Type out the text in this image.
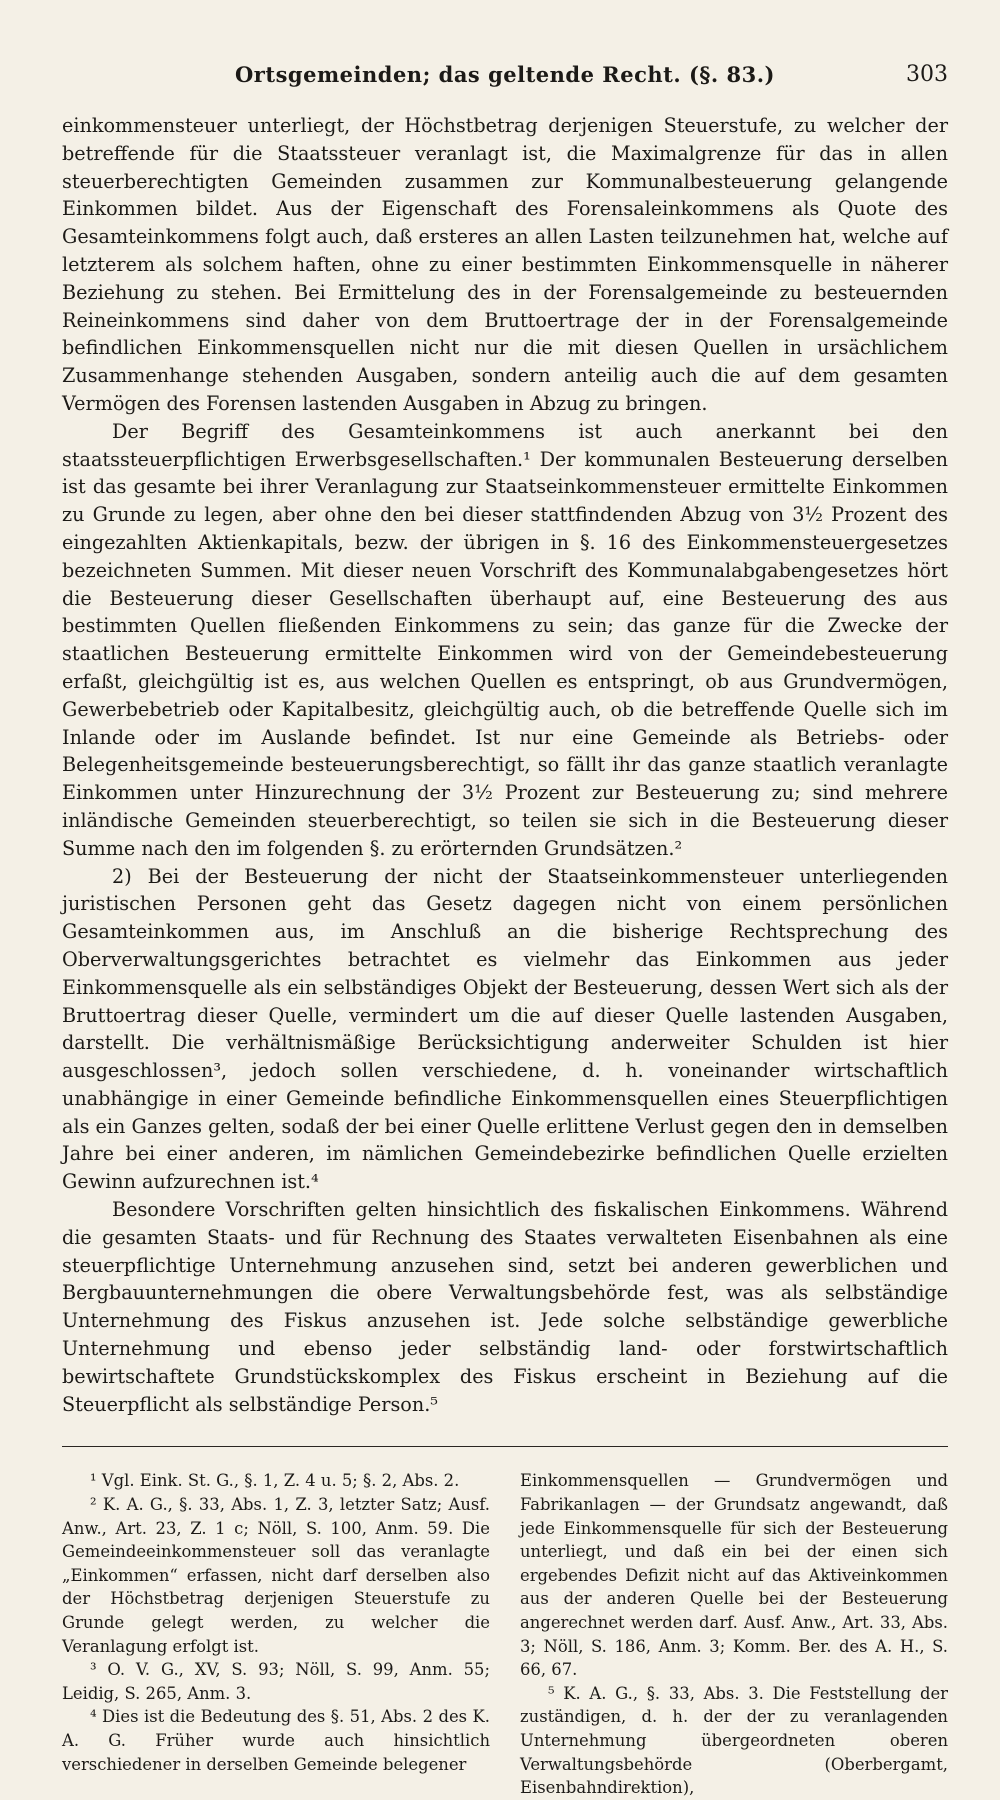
Ortsgemeinden; das geltende Recht. (§. 83.)	303

einkommensteuer unterliegt, der Höchstbetrag derjenigen Steuerstufe, zu welcher der betreffende für die Staatssteuer veranlagt ist, die Maximalgrenze für das in allen steuerberechtigten Gemeinden zusammen zur Kommunalbesteuerung gelangende Einkommen bildet. Aus der Eigenschaft des Forensaleinkommens als Quote des Gesamteinkommens folgt auch, daß ersteres an allen Lasten teilzunehmen hat, welche auf letzterem als solchem haften, ohne zu einer bestimmten Einkommensquelle in näherer Beziehung zu stehen. Bei Ermittelung des in der Forensalgemeinde zu besteuernden Reineinkommens sind daher von dem Bruttoertrage der in der Forensalgemeinde befindlichen Einkommensquellen nicht nur die mit diesen Quellen in ursächlichem Zusammenhange stehenden Ausgaben, sondern anteilig auch die auf dem gesamten Vermögen des Forensen lastenden Ausgaben in Abzug zu bringen.

Der Begriff des Gesamteinkommens ist auch anerkannt bei den staatssteuerpflichtigen Erwerbsgesellschaften.¹ Der kommunalen Besteuerung derselben ist das gesamte bei ihrer Veranlagung zur Staatseinkommensteuer ermittelte Einkommen zu Grunde zu legen, aber ohne den bei dieser stattfindenden Abzug von 3½ Prozent des eingezahlten Aktienkapitals, bezw. der übrigen in §. 16 des Einkommensteuergesetzes bezeichneten Summen. Mit dieser neuen Vorschrift des Kommunalabgabengesetzes hört die Besteuerung dieser Gesellschaften überhaupt auf, eine Besteuerung des aus bestimmten Quellen fließenden Einkommens zu sein; das ganze für die Zwecke der staatlichen Besteuerung ermittelte Einkommen wird von der Gemeindebesteuerung erfaßt, gleichgültig ist es, aus welchen Quellen es entspringt, ob aus Grundvermögen, Gewerbebetrieb oder Kapitalbesitz, gleichgültig auch, ob die betreffende Quelle sich im Inlande oder im Auslande befindet. Ist nur eine Gemeinde als Betriebs- oder Belegenheitsgemeinde besteuerungsberechtigt, so fällt ihr das ganze staatlich veranlagte Einkommen unter Hinzurechnung der 3½ Prozent zur Besteuerung zu; sind mehrere inländische Gemeinden steuerberechtigt, so teilen sie sich in die Besteuerung dieser Summe nach den im folgenden §. zu erörternden Grundsätzen.²

2) Bei der Besteuerung der nicht der Staatseinkommensteuer unterliegenden juristischen Personen geht das Gesetz dagegen nicht von einem persönlichen Gesamteinkommen aus, im Anschluß an die bisherige Rechtsprechung des Oberverwaltungsgerichtes betrachtet es vielmehr das Einkommen aus jeder Einkommensquelle als ein selbständiges Objekt der Besteuerung, dessen Wert sich als der Bruttoertrag dieser Quelle, vermindert um die auf dieser Quelle lastenden Ausgaben, darstellt. Die verhältnismäßige Berücksichtigung anderweiter Schulden ist hier ausgeschlossen³, jedoch sollen verschiedene, d. h. voneinander wirtschaftlich unabhängige in einer Gemeinde befindliche Einkommensquellen eines Steuerpflichtigen als ein Ganzes gelten, sodaß der bei einer Quelle erlittene Verlust gegen den in demselben Jahre bei einer anderen, im nämlichen Gemeindebezirke befindlichen Quelle erzielten Gewinn aufzurechnen ist.⁴

Besondere Vorschriften gelten hinsichtlich des fiskalischen Einkommens. Während die gesamten Staats- und für Rechnung des Staates verwalteten Eisenbahnen als eine steuerpflichtige Unternehmung anzusehen sind, setzt bei anderen gewerblichen und Bergbauunternehmungen die obere Verwaltungsbehörde fest, was als selbständige Unternehmung des Fiskus anzusehen ist. Jede solche selbständige gewerbliche Unternehmung und ebenso jeder selbständig land- oder forstwirtschaftlich bewirtschaftete Grundstückskomplex des Fiskus erscheint in Beziehung auf die Steuerpflicht als selbständige Person.⁵

¹ Vgl. Eink. St. G., §. 1, Z. 4 u. 5; §. 2, Abs. 2.

² K. A. G., §. 33, Abs. 1, Z. 3, letzter Satz; Ausf. Anw., Art. 23, Z. 1 c; Nöll, S. 100, Anm. 59. Die Gemeindeeinkommensteuer soll das veranlagte „Einkommen“ erfassen, nicht darf derselben also der Höchstbetrag derjenigen Steuerstufe zu Grunde gelegt werden, zu welcher die Veranlagung erfolgt ist.

³ O. V. G., XV, S. 93; Nöll, S. 99, Anm. 55; Leidig, S. 265, Anm. 3.

⁴ Dies ist die Bedeutung des §. 51, Abs. 2 des K. A. G. Früher wurde auch hinsichtlich verschiedener in derselben Gemeinde belegener

Einkommensquellen — Grundvermögen und Fabrikanlagen — der Grundsatz angewandt, daß jede Einkommensquelle für sich der Besteuerung unterliegt, und daß ein bei der einen sich ergebendes Defizit nicht auf das Aktiveinkommen aus der anderen Quelle bei der Besteuerung angerechnet werden darf. Ausf. Anw., Art. 33, Abs. 3; Nöll, S. 186, Anm. 3; Komm. Ber. des A. H., S. 66, 67.

⁵ K. A. G., §. 33, Abs. 3. Die Feststellung der zuständigen, d. h. der der zu veranlagenden Unternehmung übergeordneten oberen Verwaltungsbehörde (Oberbergamt, Eisenbahndirektion),
